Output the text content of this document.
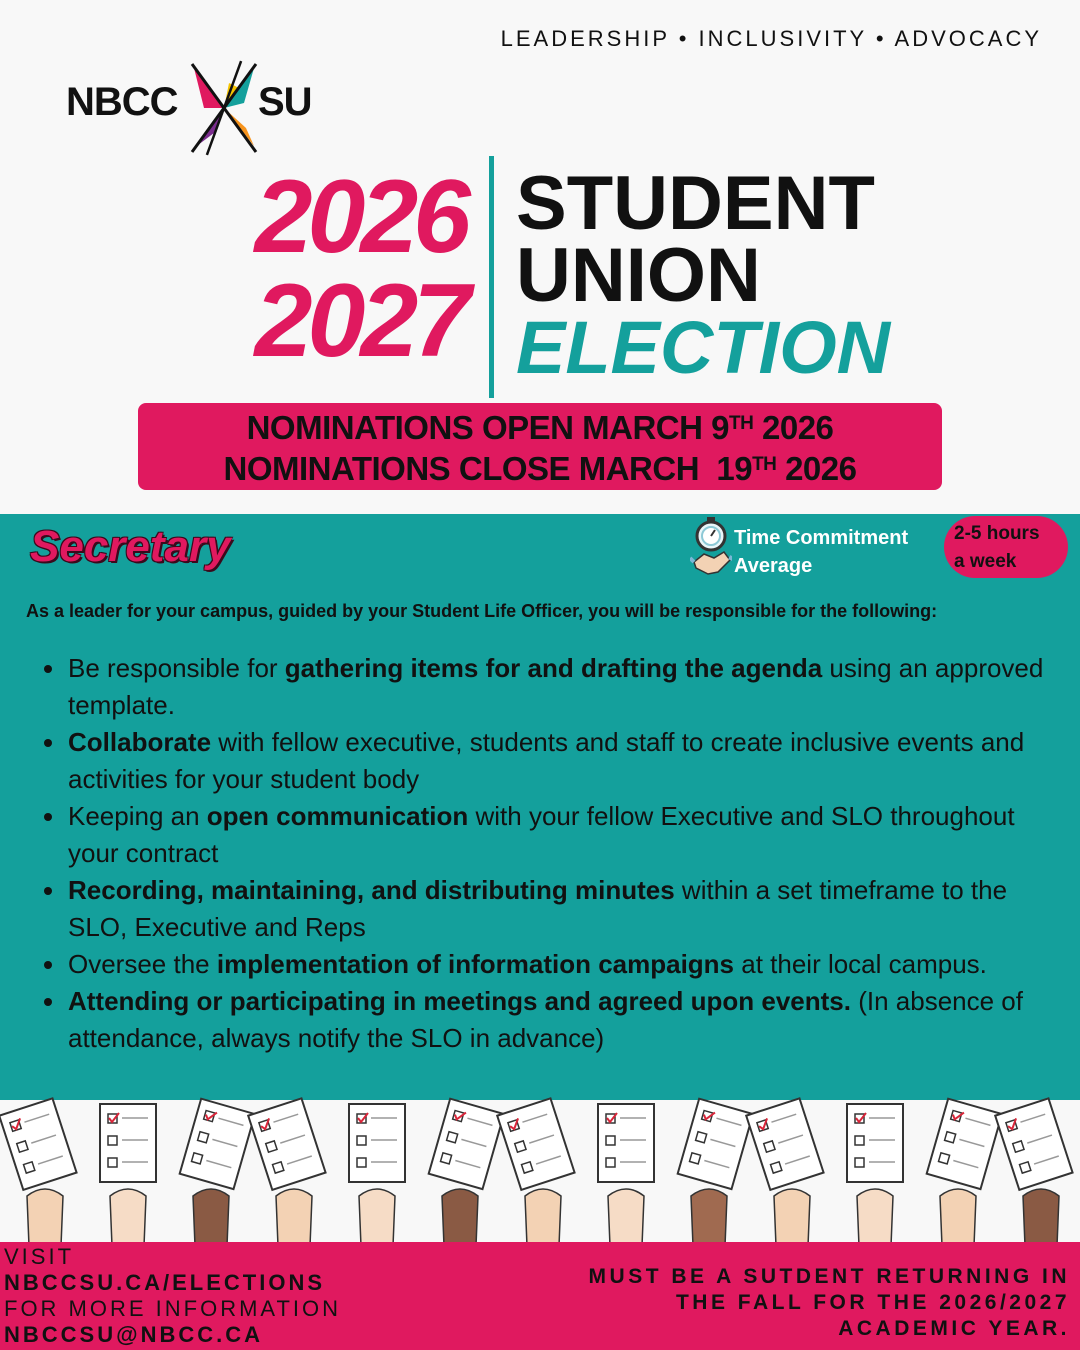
LEADERSHIP • INCLUSIVITY • ADVOCACY
NBCC SU
2026
2027
STUDENT
UNION
ELECTION
NOMINATIONS OPEN MARCH 9TH 2026
NOMINATIONS CLOSE MARCH  19TH 2026
Secretary	Time Commitment
Average
2-5 hours
a week
As a leader for your campus, guided by your Student Life Officer, you will be responsible for the following:
Be responsible for gathering items for and drafting the agenda using an approved template.
Collaborate with fellow executive, students and staff to create inclusive events and activities for your student body
Keeping an open communication with your fellow Executive and SLO throughout your contract
Recording, maintaining, and distributing minutes within a set timeframe to the SLO, Executive and Reps
Oversee the implementation of information campaigns at their local campus.
Attending or participating in meetings and agreed upon events. (In absence of attendance, always notify the SLO in advance)
VISIT
NBCCSU.CA/ELECTIONS
FOR MORE INFORMATION
NBCCSU@NBCC.CA
MUST BE A SUTDENT RETURNING IN
THE FALL FOR THE 2026/2027
ACADEMIC YEAR.
